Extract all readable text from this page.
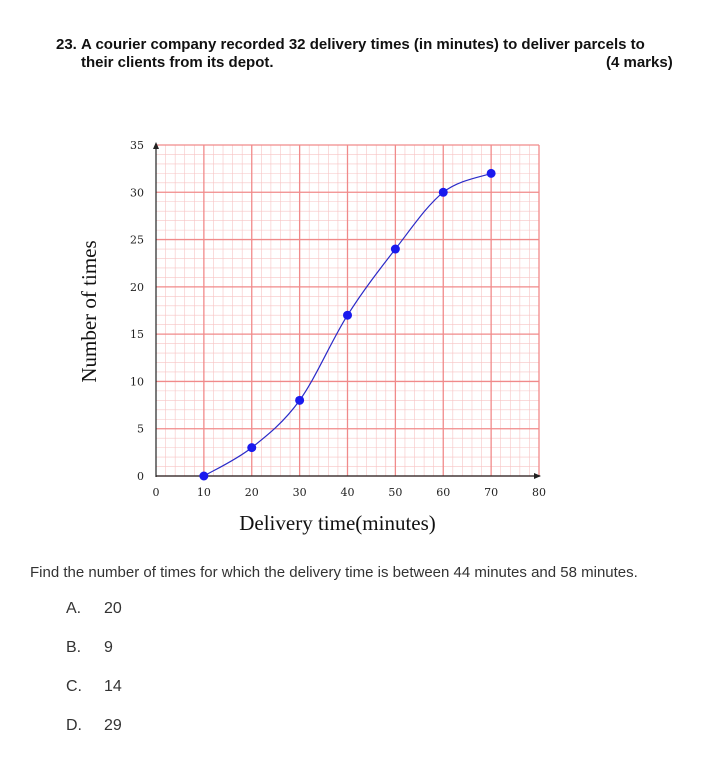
23. A courier company recorded 32 delivery times (in minutes) to deliver parcels to
their clients from its depot.	(4 marks)
0	10	20	30	40	50	60	70	80
0
5
10
15
20
25
30
35
Delivery time(minutes)
Number of times
Find the number of times for which the delivery time is between 44 minutes and 58 minutes.
A. 20
B. 9
C. 14
D. 29
